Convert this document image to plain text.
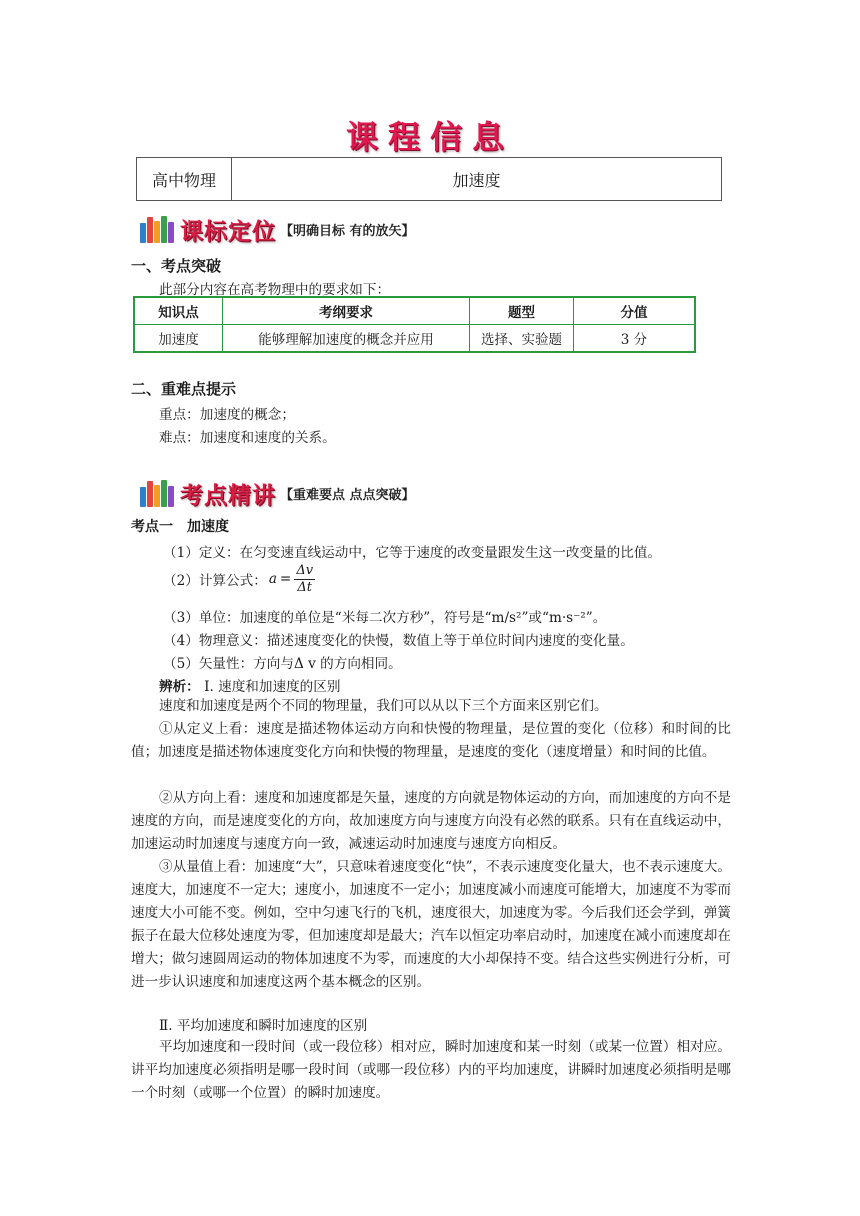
课程信息
高中物理	加速度
课标定位 【明确目标 有的放矢】
一、考点突破
此部分内容在高考物理中的要求如下：
知识点	考纲要求	题型	分值
加速度	能够理解加速度的概念并应用	选择、实验题	3 分
二、重难点提示
重点：加速度的概念；
难点：加速度和速度的关系。
考点精讲 【重难要点 点点突破】
考点一　加速度
（1）定义：在匀变速直线运动中，它等于速度的改变量跟发生这一改变量的比值。
（2）计算公式： $a = \frac{\Delta v}{\Delta t}$
（3）单位：加速度的单位是“米每二次方秒”，符号是“m/s²”或“m·s⁻²”。
（4）物理意义：描述速度变化的快慢，数值上等于单位时间内速度的变化量。
（5）矢量性：方向与Δ v 的方向相同。
辨析： Ⅰ. 速度和加速度的区别
速度和加速度是两个不同的物理量，我们可以从以下三个方面来区别它们。
①从定义上看：速度是描述物体运动方向和快慢的物理量，是位置的变化（位移）和时间的比值；加速度是描述物体速度变化方向和快慢的物理量，是速度的变化（速度增量）和时间的比值。
②从方向上看：速度和加速度都是矢量，速度的方向就是物体运动的方向，而加速度的方向不是速度的方向，而是速度变化的方向，故加速度方向与速度方向没有必然的联系。只有在直线运动中，加速运动时加速度与速度方向一致，减速运动时加速度与速度方向相反。
③从量值上看：加速度“大”，只意味着速度变化“快”，不表示速度变化量大，也不表示速度大。速度大，加速度不一定大；速度小，加速度不一定小；加速度减小而速度可能增大，加速度不为零而速度大小可能不变。例如，空中匀速飞行的飞机，速度很大，加速度为零。今后我们还会学到，弹簧振子在最大位移处速度为零，但加速度却是最大；汽车以恒定功率启动时，加速度在减小而速度却在增大；做匀速圆周运动的物体加速度不为零，而速度的大小却保持不变。结合这些实例进行分析，可进一步认识速度和加速度这两个基本概念的区别。
Ⅱ. 平均加速度和瞬时加速度的区别
平均加速度和一段时间（或一段位移）相对应，瞬时加速度和某一时刻（或某一位置）相对应。讲平均加速度必须指明是哪一段时间（或哪一段位移）内的平均加速度，讲瞬时加速度必须指明是哪一个时刻（或哪一个位置）的瞬时加速度。
